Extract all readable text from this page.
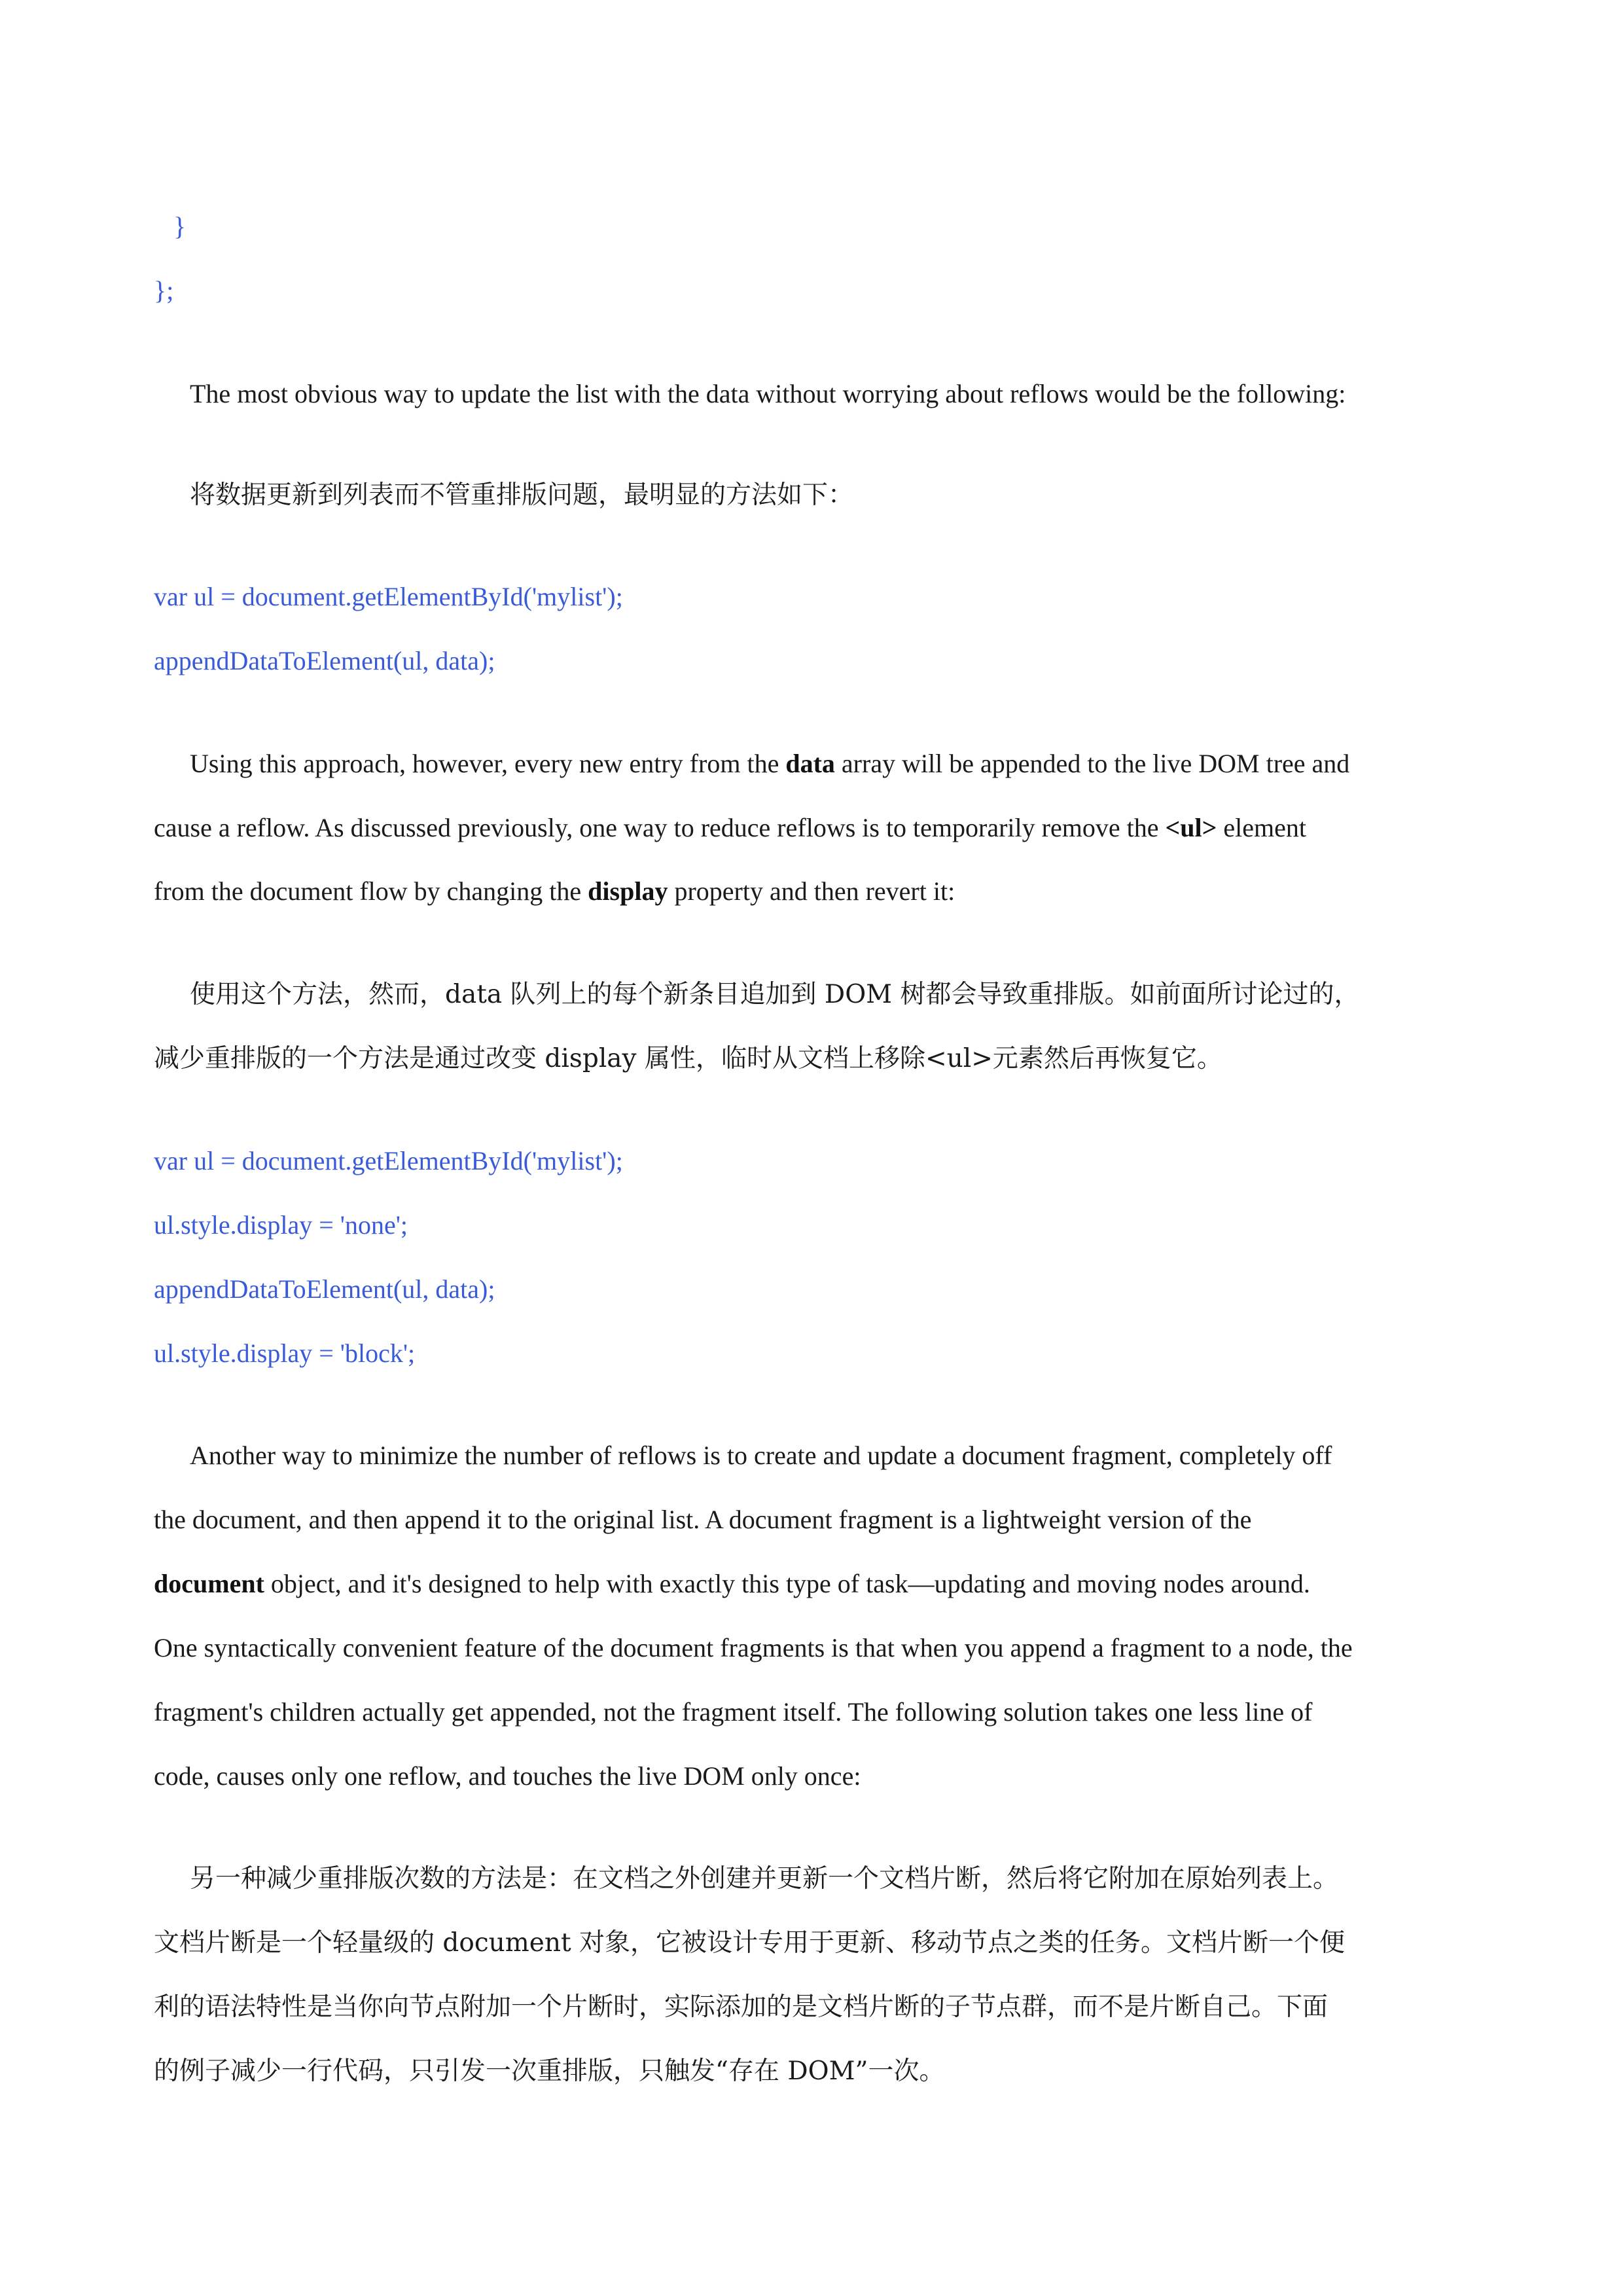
}
};
The most obvious way to update the list with the data without worrying about reflows would be the following:
将数据更新到列表而不管重排版问题，最明显的方法如下：
var ul = document.getElementById('mylist');
appendDataToElement(ul, data);
Using this approach, however, every new entry from the data array will be appended to the live DOM tree and
cause a reflow. As discussed previously, one way to reduce reflows is to temporarily remove the <ul> element
from the document flow by changing the display property and then revert it:
使用这个方法，然而，data 队列上的每个新条目追加到 DOM 树都会导致重排版。如前面所讨论过的，
减少重排版的一个方法是通过改变 display 属性，临时从文档上移除<ul>元素然后再恢复它。
var ul = document.getElementById('mylist');
ul.style.display = 'none';
appendDataToElement(ul, data);
ul.style.display = 'block';
Another way to minimize the number of reflows is to create and update a document fragment, completely off
the document, and then append it to the original list. A document fragment is a lightweight version of the
document object, and it's designed to help with exactly this type of task—updating and moving nodes around.
One syntactically convenient feature of the document fragments is that when you append a fragment to a node, the
fragment's children actually get appended, not the fragment itself. The following solution takes one less line of
code, causes only one reflow, and touches the live DOM only once:
另一种减少重排版次数的方法是：在文档之外创建并更新一个文档片断，然后将它附加在原始列表上。
文档片断是一个轻量级的 document 对象，它被设计专用于更新、移动节点之类的任务。文档片断一个便
利的语法特性是当你向节点附加一个片断时，实际添加的是文档片断的子节点群，而不是片断自己。下面
的例子减少一行代码，只引发一次重排版，只触发“存在 DOM”一次。
